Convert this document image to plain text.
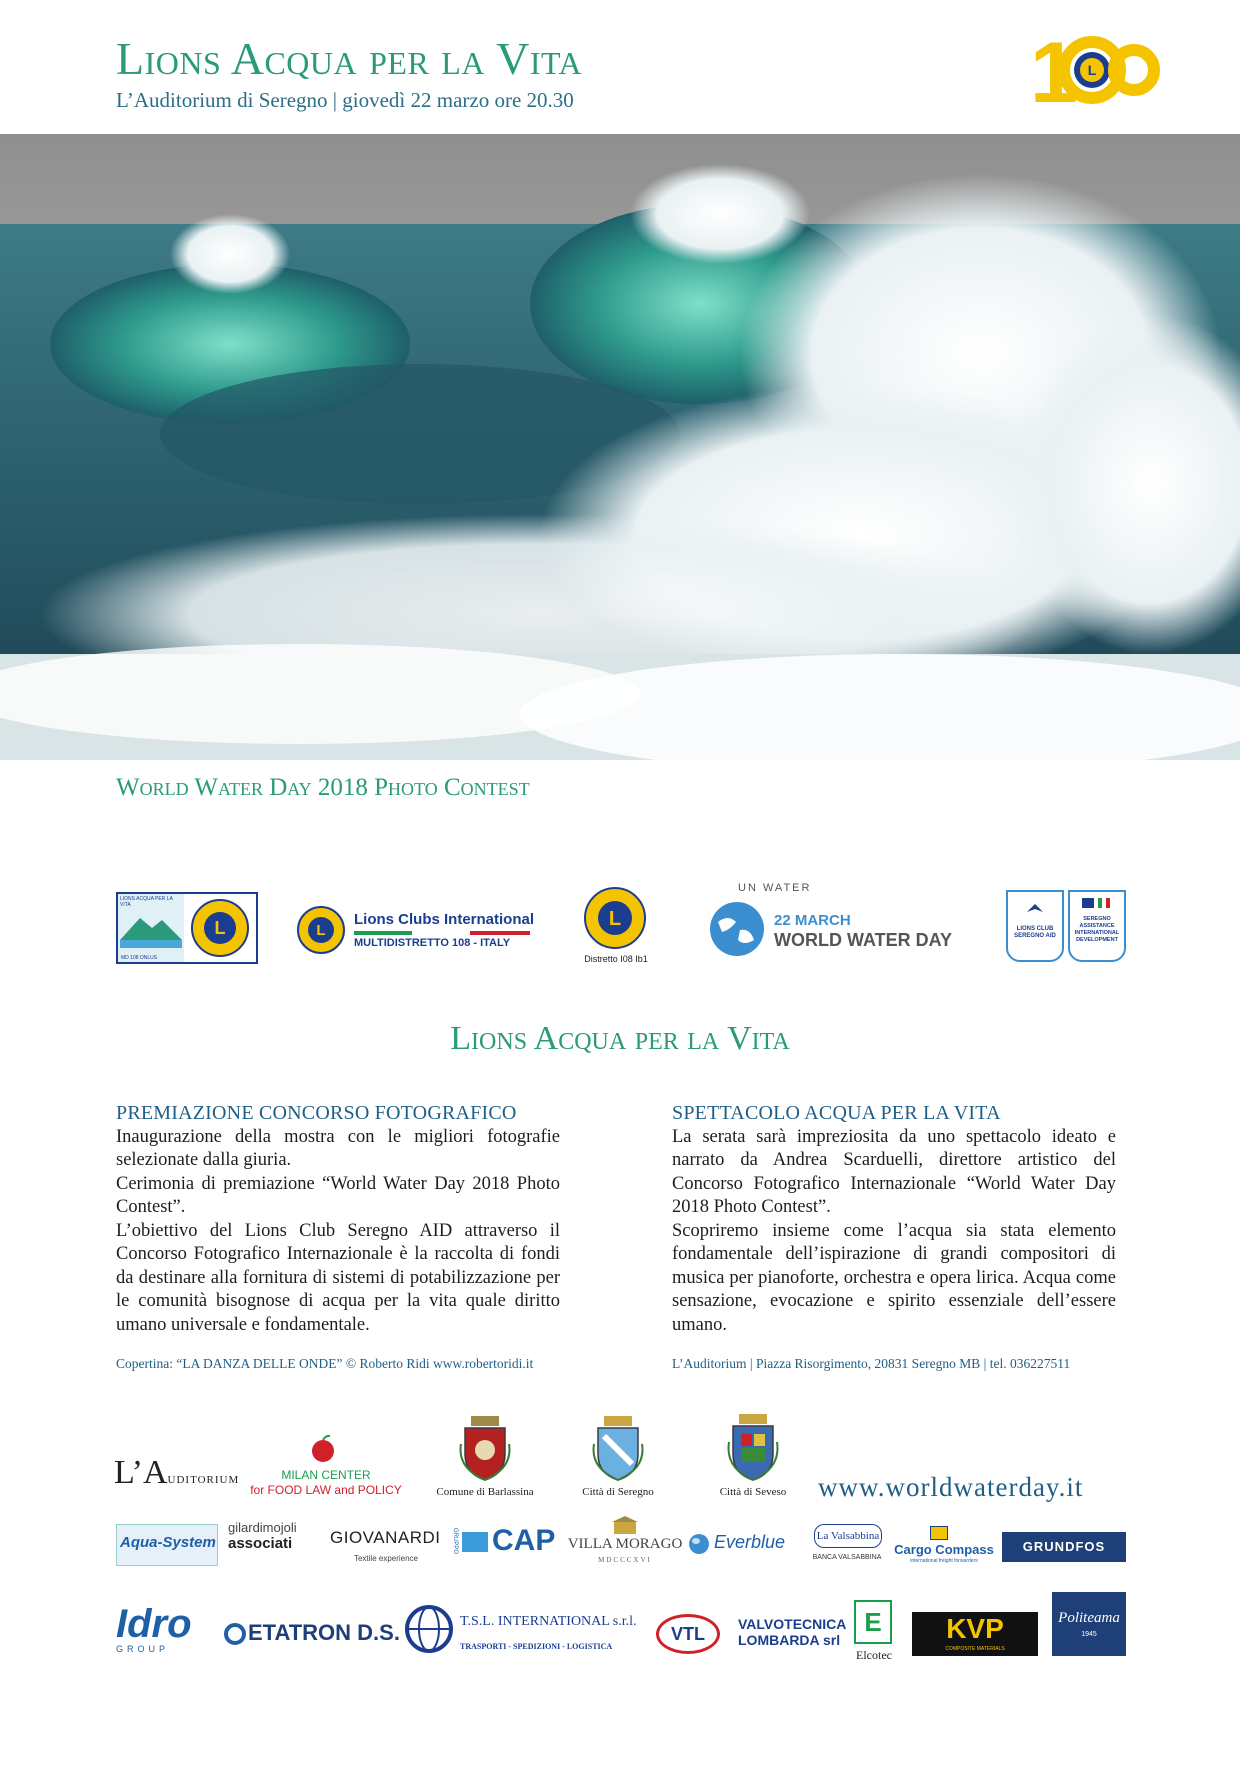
Lions Acqua per la Vita
L’Auditorium di Seregno | giovedì 22 marzo ore 20.30	1 L
World Water Day 2018 Photo Contest
LIONS ACQUA PER LA VITA
MD 108 ONLUS
L	L
Lions Clubs International
MULTIDISTRETTO 108 - ITALY
L
Distretto I08 Ib1
UN WATER
22 MARCH
WORLD WATER DAY
LIONS CLUB SEREGNO AID
SEREGNO ASSISTANCE INTERNATIONAL DEVELOPMENT
Lions Acqua per la Vita
PREMIAZIONE CONCORSO FOTOGRAFICO

Inaugurazione della mostra con le migliori fotografie selezionate dalla giuria.

Cerimonia di premiazione “World Water Day 2018 Photo Contest”.

L’obiettivo del Lions Club Seregno AID attraverso il Concorso Fotografico Internazionale è la raccolta di fondi da destinare alla fornitura di sistemi di potabilizzazione per le comunità bisognose di acqua per la vita quale diritto umano universale e fondamentale.

Copertina: “LA DANZA DELLE ONDE” © Roberto Ridi www.robertoridi.it
SPETTACOLO ACQUA PER LA VITA

La serata sarà impreziosita da uno spettacolo ideato e narrato da Andrea Scarduelli, direttore artistico del Concorso Fotografico Internazionale “World Water Day 2018 Photo Contest”.

Scopriremo insieme come l’acqua sia stata elemento fondamentale dell’ispirazione di grandi compositori di musica per pianoforte, orchestra e opera lirica. Acqua come sensazione, evocazione e spirito essenziale dell’essere umano.

L’Auditorium | Piazza Risorgimento, 20831 Seregno MB | tel. 036227511
L’AUDITORIUM	MILAN CENTER
for FOOD LAW and POLICY	Comune di Barlassina	Città di Seregno	Città di Seveso	www.worldwaterday.it
Aqua-System
gilardimojoli
associati	GIOVANARDI
Textile experience
GRUPPO CAP VILLA MORAGO
MDCCCXVI
Everblue	La Valsabbina
BANCA VALSABBINA
Cargo Compass
international freight forwarders
GRUNDFOS
Idro
GROUP
ETATRON D.S.	T.S.L. INTERNATIONAL s.r.l.
TRASPORTI - SPEDIZIONI - LOGISTICA
VTL	VALVOTECNICA
LOMBARDA srl
E
Elcotec
KVP
COMPOSITE MATERIALS
Politeama
1945
